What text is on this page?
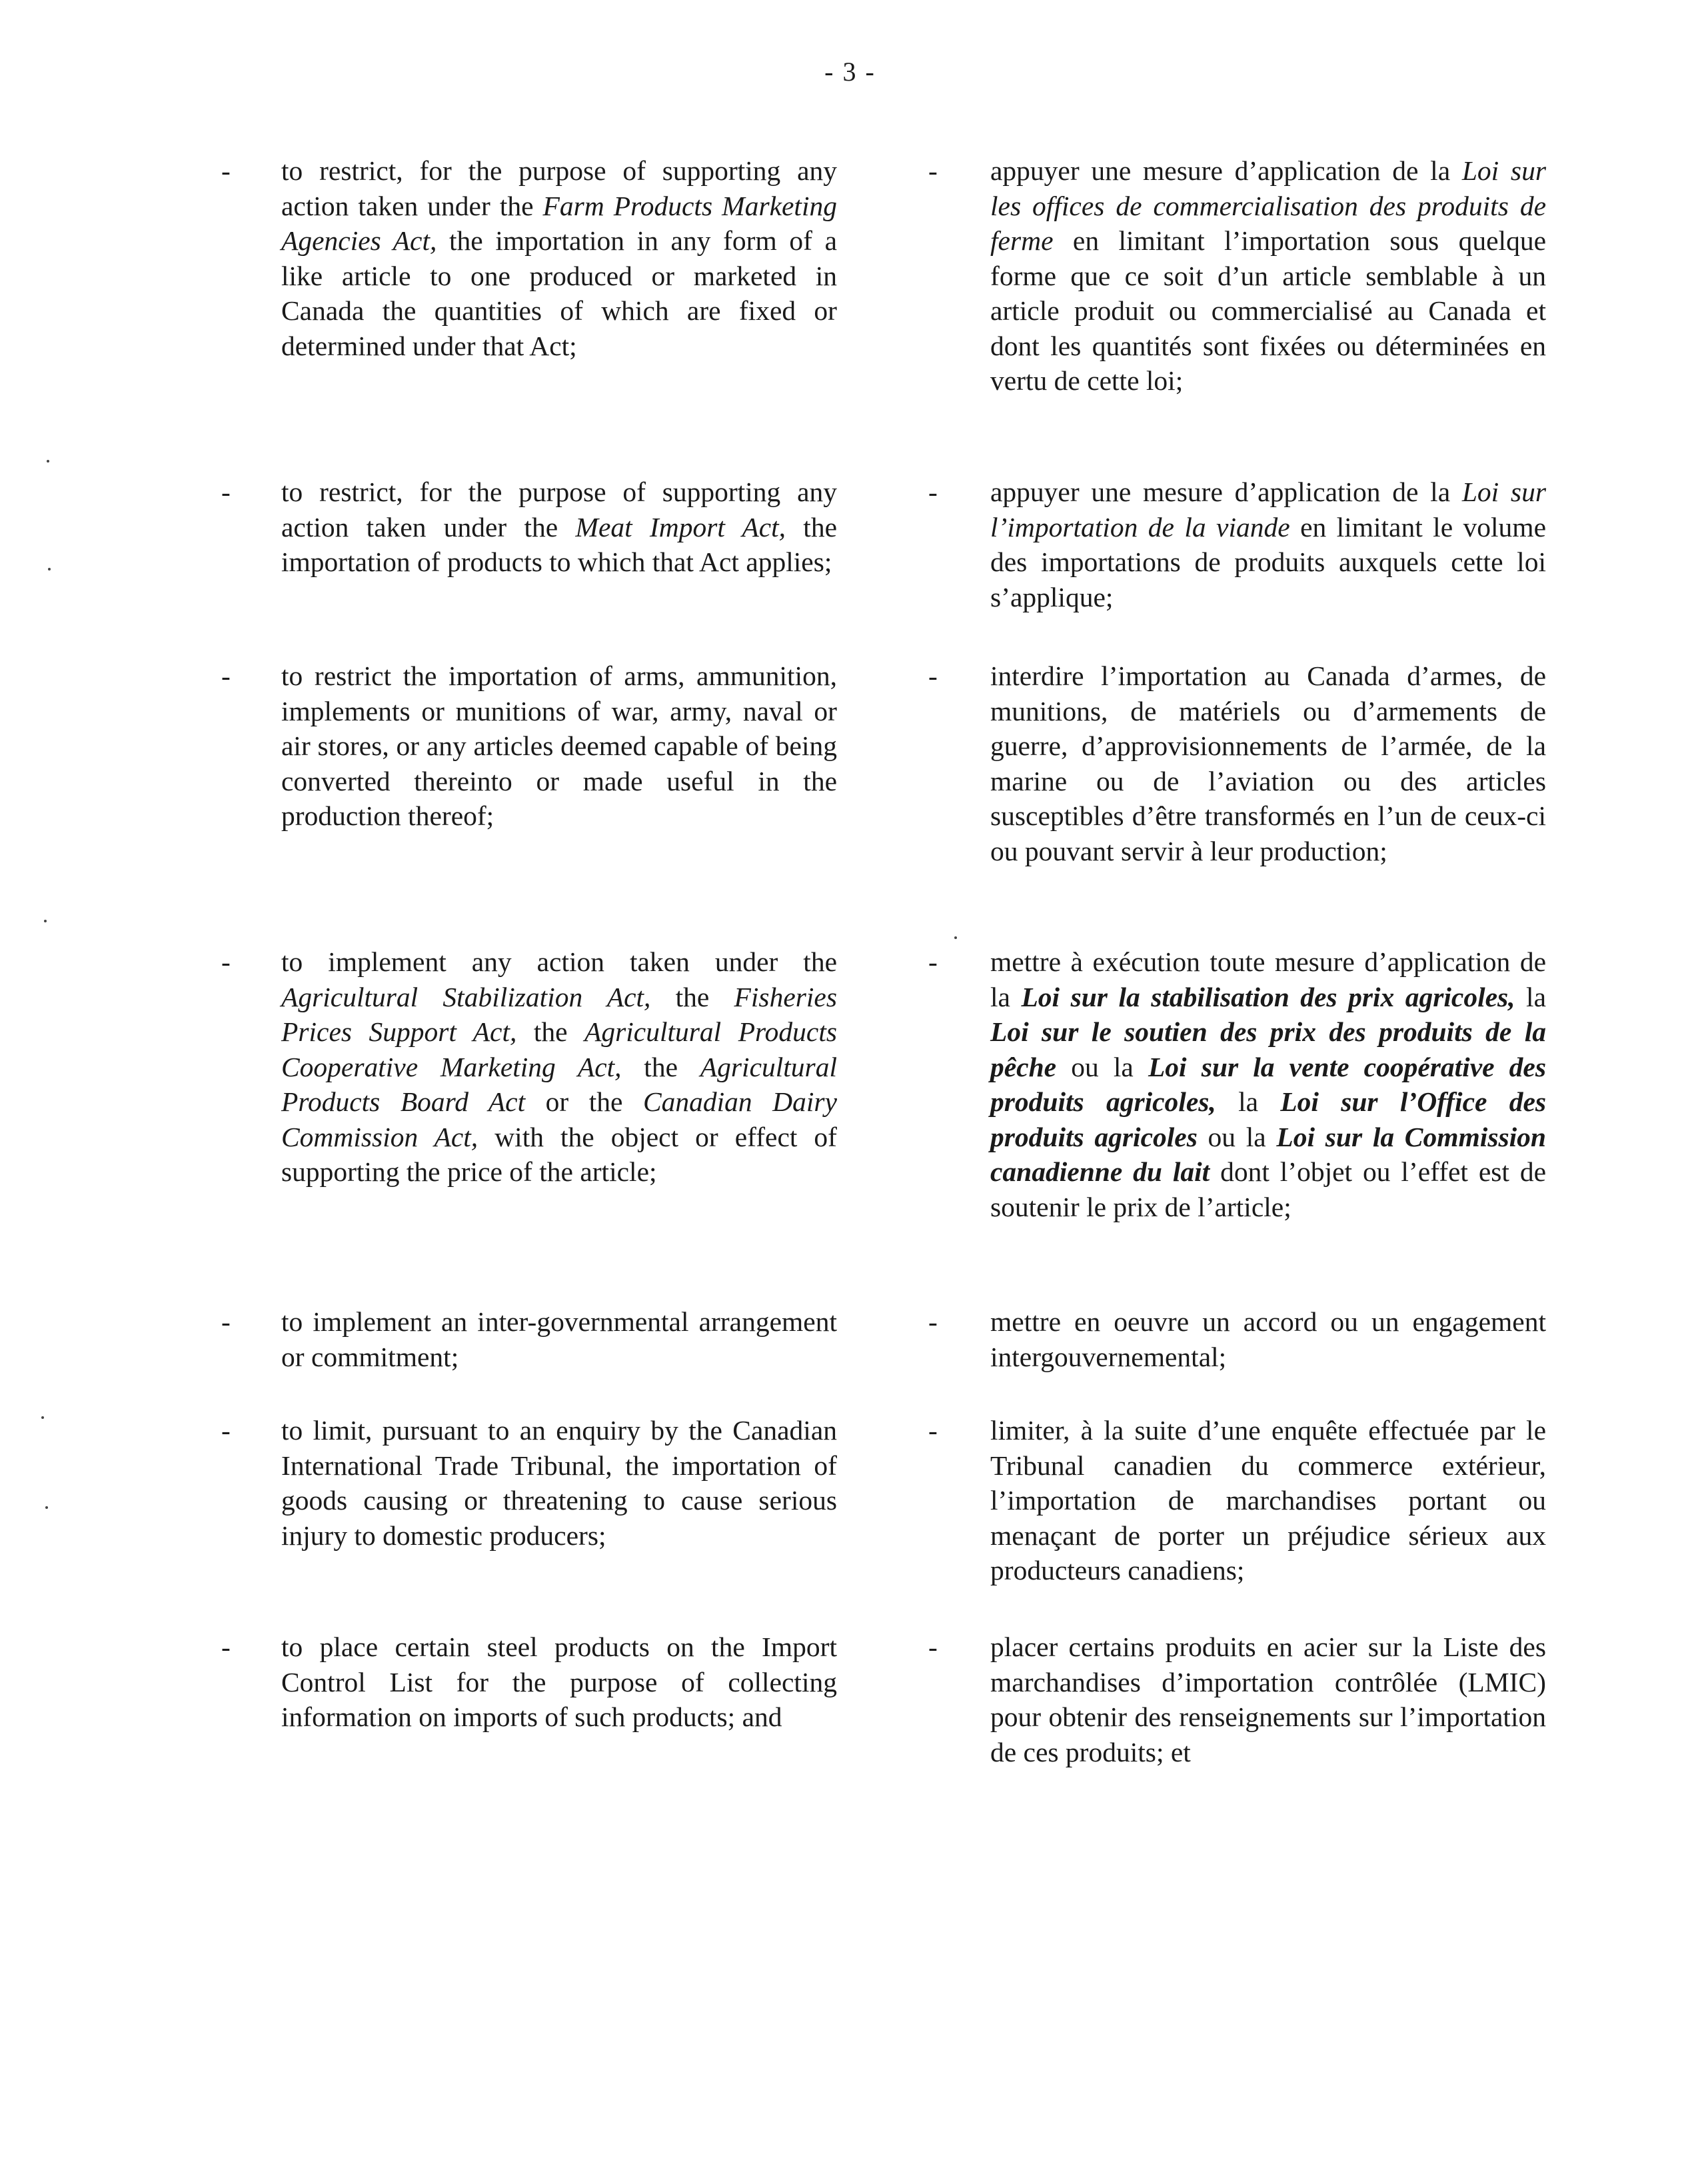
- 3 -
- to restrict, for the purpose of supporting any action taken under the Farm Products Marketing Agencies Act, the importation in any form of a like article to one produced or marketed in Canada the quantities of which are fixed or determined under that Act;
- to restrict, for the purpose of supporting any action taken under the Meat Import Act, the importation of products to which that Act applies;
- to restrict the importation of arms, ammunition, implements or munitions of war, army, naval or air stores, or any articles deemed capable of being converted thereinto or made useful in the production thereof;
- to implement any action taken under the Agricultural Stabilization Act, the Fisheries Prices Support Act, the Agricultural Products Cooperative Marketing Act, the Agricultural Products Board Act or the Canadian Dairy Commission Act, with the object or effect of supporting the price of the article;
- to implement an inter-governmental arrangement or commitment;
- to limit, pursuant to an enquiry by the Canadian International Trade Tribunal, the importation of goods causing or threatening to cause serious injury to domestic producers;
- to place certain steel products on the Import Control List for the purpose of collecting information on imports of such products; and
- appuyer une mesure d’application de la Loi sur les offices de commercialisation des produits de ferme en limitant l’importation sous quelque forme que ce soit d’un article semblable à un article produit ou commercialisé au Canada et dont les quantités sont fixées ou déterminées en vertu de cette loi;
- appuyer une mesure d’application de la Loi sur l’importation de la viande en limitant le volume des importations de produits auxquels cette loi s’applique;
- interdire l’importation au Canada d’armes, de munitions, de matériels ou d’armements de guerre, d’approvisionnements de l’armée, de la marine ou de l’aviation ou des articles susceptibles d’être transformés en l’un de ceux-ci ou pouvant servir à leur production;
- mettre à exécution toute mesure d’application de la Loi sur la stabilisation des prix agricoles, la Loi sur le soutien des prix des produits de la pêche ou la Loi sur la vente coopérative des produits agricoles, la Loi sur l’Office des produits agricoles ou la Loi sur la Commission canadienne du lait dont l’objet ou l’effet est de soutenir le prix de l’article;
- mettre en oeuvre un accord ou un engagement intergouvernemental;
- limiter, à la suite d’une enquête effectuée par le Tribunal canadien du commerce extérieur, l’importation de marchandises portant ou menaçant de porter un préjudice sérieux aux producteurs canadiens;
- placer certains produits en acier sur la Liste des marchandises d’importation contrôlée (LMIC) pour obtenir des renseignements sur l’importation de ces produits; et
